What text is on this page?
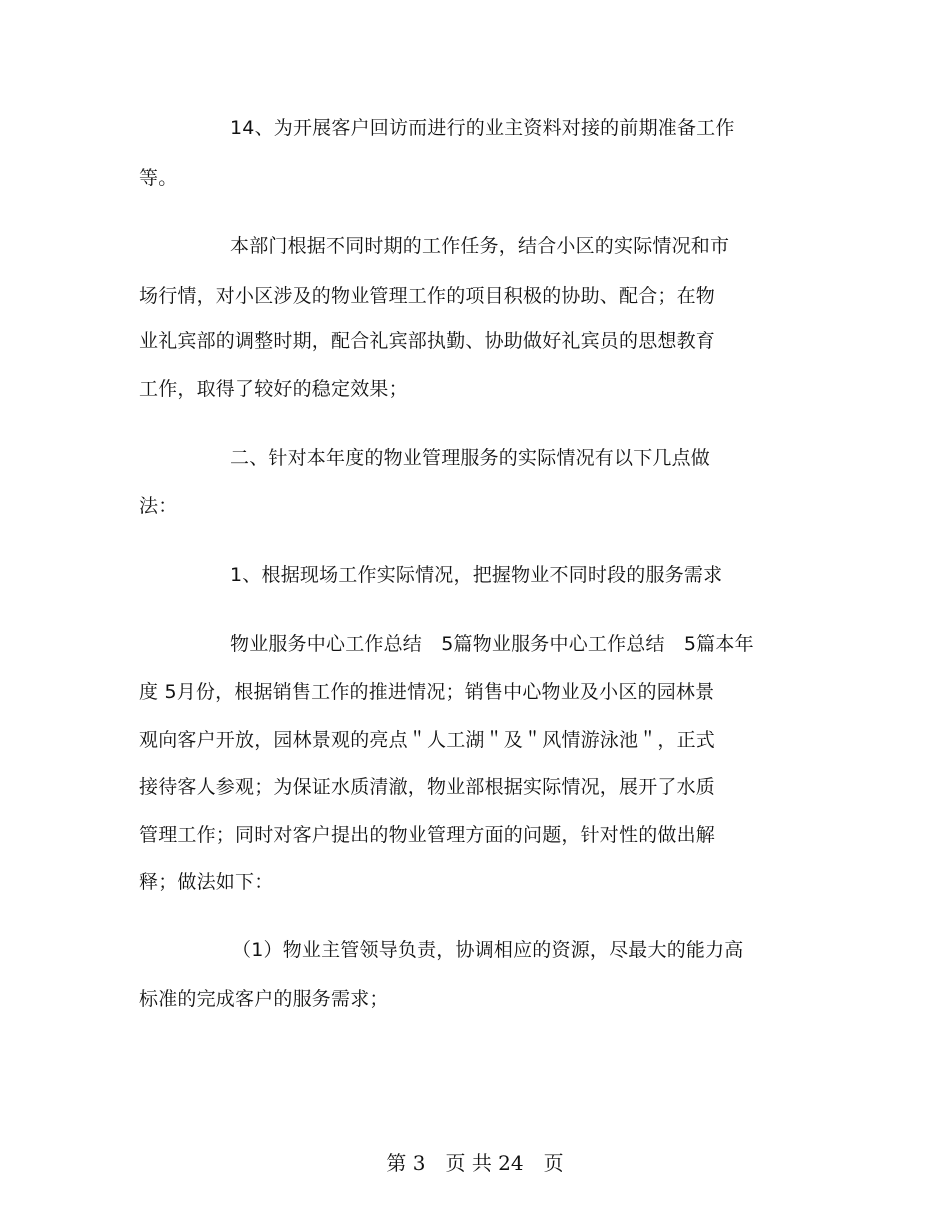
14、为开展客户回访而进行的业主资料对接的前期准备工作
等。
本部门根据不同时期的工作任务，结合小区的实际情况和市
场行情，对小区涉及的物业管理工作的项目积极的协助、配合；在物
业礼宾部的调整时期，配合礼宾部执勤、协助做好礼宾员的思想教育
工作，取得了较好的稳定效果；
二、针对本年度的物业管理服务的实际情况有以下几点做
法：
1、根据现场工作实际情况，把握物业不同时段的服务需求
物业服务中心工作总结　5篇物业服务中心工作总结　5篇本年
度 5月份，根据销售工作的推进情况；销售中心物业及小区的园林景
观向客户开放，园林景观的亮点＂人工湖＂及＂风情游泳池＂，正式
接待客人参观；为保证水质清澈，物业部根据实际情况，展开了水质
管理工作；同时对客户提出的物业管理方面的问题，针对性的做出解
释；做法如下：
（1）物业主管领导负责，协调相应的资源，尽最大的能力高
标准的完成客户的服务需求；
第 3　页 共 24　页
